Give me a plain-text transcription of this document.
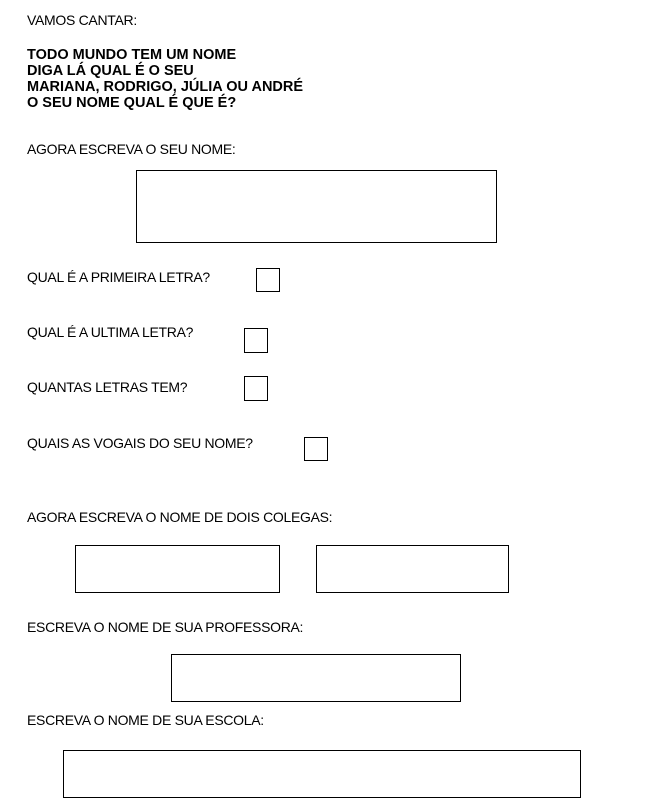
VAMOS CANTAR:
TODO MUNDO TEM UM NOME
DIGA LÁ QUAL É O SEU
MARIANA, RODRIGO, JÚLIA OU ANDRÉ
O SEU NOME QUAL É QUE É?
AGORA ESCREVA O SEU NOME:
QUAL É A PRIMEIRA LETRA?
QUAL É A ULTIMA LETRA?
QUANTAS LETRAS TEM?
QUAIS AS VOGAIS DO SEU NOME?
AGORA ESCREVA O NOME DE DOIS COLEGAS:
ESCREVA O NOME DE SUA PROFESSORA:
ESCREVA O NOME DE SUA ESCOLA:
